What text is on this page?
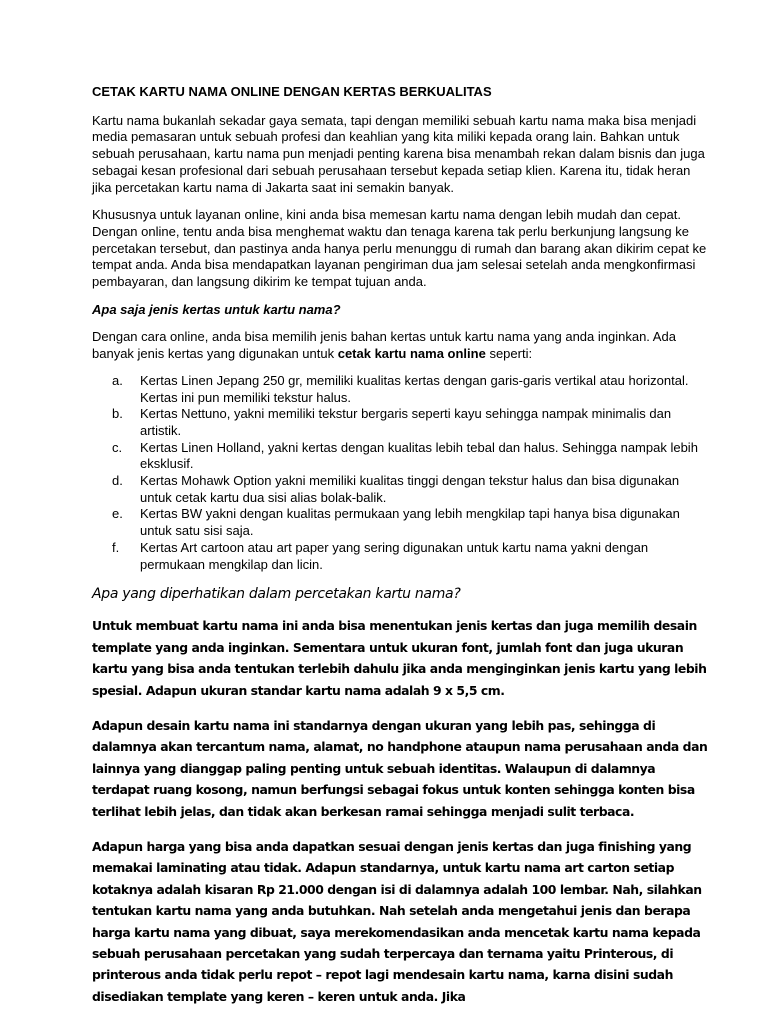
CETAK KARTU NAMA ONLINE DENGAN KERTAS BERKUALITAS

Kartu nama bukanlah sekadar gaya semata, tapi dengan memiliki sebuah kartu nama maka bisa menjadi media pemasaran untuk sebuah profesi dan keahlian yang kita miliki kepada orang lain. Bahkan untuk sebuah perusahaan, kartu nama pun menjadi penting karena bisa menambah rekan dalam bisnis dan juga sebagai kesan profesional dari sebuah perusahaan tersebut kepada setiap klien. Karena itu, tidak heran jika percetakan kartu nama di Jakarta saat ini semakin banyak.

Khususnya untuk layanan online, kini anda bisa memesan kartu nama dengan lebih mudah dan cepat. Dengan online, tentu anda bisa menghemat waktu dan tenaga karena tak perlu berkunjung langsung ke percetakan tersebut, dan pastinya anda hanya perlu menunggu di rumah dan barang akan dikirim cepat ke tempat anda. Anda bisa mendapatkan layanan pengiriman dua jam selesai setelah anda mengkonfirmasi pembayaran, dan langsung dikirim ke tempat tujuan anda.

Apa saja jenis kertas untuk kartu nama?

Dengan cara online, anda bisa memilih jenis bahan kertas untuk kartu nama yang anda inginkan. Ada banyak jenis kertas yang digunakan untuk cetak kartu nama online seperti:

a. Kertas Linen Jepang 250 gr, memiliki kualitas kertas dengan garis-garis vertikal atau horizontal. Kertas ini pun memiliki tekstur halus.
b. Kertas Nettuno, yakni memiliki tekstur bergaris seperti kayu sehingga nampak minimalis dan artistik.
c. Kertas Linen Holland, yakni kertas dengan kualitas lebih tebal dan halus. Sehingga nampak lebih eksklusif.
d. Kertas Mohawk Option yakni memiliki kualitas tinggi dengan tekstur halus dan bisa digunakan untuk cetak kartu dua sisi alias bolak-balik.
e. Kertas BW yakni dengan kualitas permukaan yang lebih mengkilap tapi hanya bisa digunakan untuk satu sisi saja.
f. Kertas Art cartoon atau art paper yang sering digunakan untuk kartu nama yakni dengan permukaan mengkilap dan licin.
Apa yang diperhatikan dalam percetakan kartu nama?

Untuk membuat kartu nama ini anda bisa menentukan jenis kertas dan juga memilih desain template yang anda inginkan. Sementara untuk ukuran font, jumlah font dan juga ukuran kartu yang bisa anda tentukan terlebih dahulu jika anda menginginkan jenis kartu yang lebih spesial. Adapun ukuran standar kartu nama adalah 9 x 5,5 cm.

Adapun desain kartu nama ini standarnya dengan ukuran yang lebih pas, sehingga di dalamnya akan tercantum nama, alamat, no handphone ataupun nama perusahaan anda dan lainnya yang dianggap paling penting untuk sebuah identitas. Walaupun di dalamnya terdapat ruang kosong, namun berfungsi sebagai fokus untuk konten sehingga konten bisa terlihat lebih jelas, dan tidak akan berkesan ramai sehingga menjadi sulit terbaca.

Adapun harga yang bisa anda dapatkan sesuai dengan jenis kertas dan juga finishing yang memakai laminating atau tidak. Adapun standarnya, untuk kartu nama art carton setiap kotaknya adalah kisaran Rp 21.000 dengan isi di dalamnya adalah 100 lembar. Nah, silahkan tentukan kartu nama yang anda butuhkan. Nah setelah anda mengetahui jenis dan berapa harga kartu nama yang dibuat, saya merekomendasikan anda mencetak kartu nama kepada sebuah perusahaan percetakan yang sudah terpercaya dan ternama yaitu Printerous, di printerous anda tidak perlu repot – repot lagi mendesain kartu nama, karna disini sudah disediakan template yang keren – keren untuk anda. Jika
